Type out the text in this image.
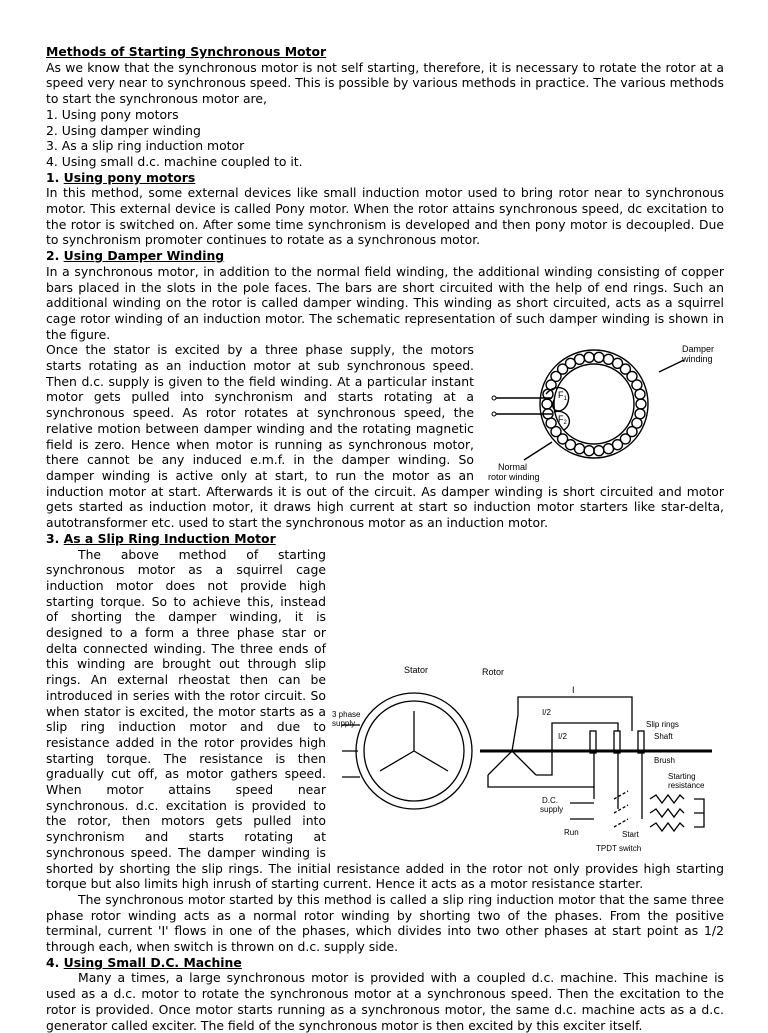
Methods of Starting Synchronous Motor

As we know that the synchronous motor is not self starting, therefore, it is necessary to rotate the rotor at a speed very near to synchronous speed. This is possible by various methods in practice. The various methods to start the synchronous motor are,

1. Using pony motors

2. Using damper winding

3. As a slip ring induction motor

4. Using small d.c. machine coupled to it.

1. Using pony motors

In this method, some external devices like small induction motor used to bring rotor near to synchronous motor. This external device is called Pony motor. When the rotor attains synchronous speed, dc excitation to the rotor is switched on. After some time synchronism is developed and then pony motor is decoupled. Due to synchronism promoter continues to rotate as a synchronous motor.

2. Using Damper Winding

In a synchronous motor, in addition to the normal field winding, the additional winding consisting of copper bars placed in the slots in the pole faces. The bars are short circuited with the help of end rings. Such an additional winding on the rotor is called damper winding. This winding as short circuited, acts as a squirrel cage rotor winding of an induction motor. The schematic representation of such damper winding is shown in the figure.

Damper
winding
$F_1$
$F_2$
Normal
rotor winding

Once the stator is excited by a three phase supply, the motors starts rotating as an induction motor at sub synchronous speed. Then d.c. supply is given to the field winding. At a particular instant motor gets pulled into synchronism and starts rotating at a synchronous speed. As rotor rotates at synchronous speed, the relative motion between damper winding and the rotating magnetic field is zero. Hence when motor is running as synchronous motor, there cannot be any induced e.m.f. in the damper winding. So damper winding is active only at start, to run the motor as an induction motor at start. Afterwards it is out of the circuit. As damper winding is short circuited and motor gets started as induction motor, it draws high current at start so induction motor starters like star-delta, autotransformer etc. used to start the synchronous motor as an induction motor.

3. As a Slip Ring Induction Motor

Stator	Rotor
3 phase
supply
I
I/2
I/2
Slip rings
Shaft
Brush
Starting
resistance
D.C.
supply
Run	Start
TPDT switch

The above method of starting synchronous motor as a squirrel cage induction motor does not provide high starting torque. So to achieve this, instead of shorting the damper winding, it is designed to a form a three phase star or delta connected winding. The three ends of this winding are brought out through slip rings. An external rheostat then can be introduced in series with the rotor circuit. So when stator is excited, the motor starts as a slip ring induction motor and due to resistance added in the rotor provides high starting torque. The resistance is then gradually cut off, as motor gathers speed. When motor attains speed near synchronous. d.c. excitation is provided to the rotor, then motors gets pulled into synchronism and starts rotating at synchronous speed. The damper winding is shorted by shorting the slip rings. The initial resistance added in the rotor not only provides high starting torque but also limits high inrush of starting current. Hence it acts as a motor resistance starter.

The synchronous motor started by this method is called a slip ring induction motor that the same three phase rotor winding acts as a normal rotor winding by shorting two of the phases. From the positive terminal, current 'I' flows in one of the phases, which divides into two other phases at start point as 1/2 through each, when switch is thrown on d.c. supply side.

4. Using Small D.C. Machine

Many a times, a large synchronous motor is provided with a coupled d.c. machine. This machine is used as a d.c. motor to rotate the synchronous motor at a synchronous speed. Then the excitation to the rotor is provided. Once motor starts running as a synchronous motor, the same d.c. machine acts as a d.c. generator called exciter. The field of the synchronous motor is then excited by this exciter itself.
